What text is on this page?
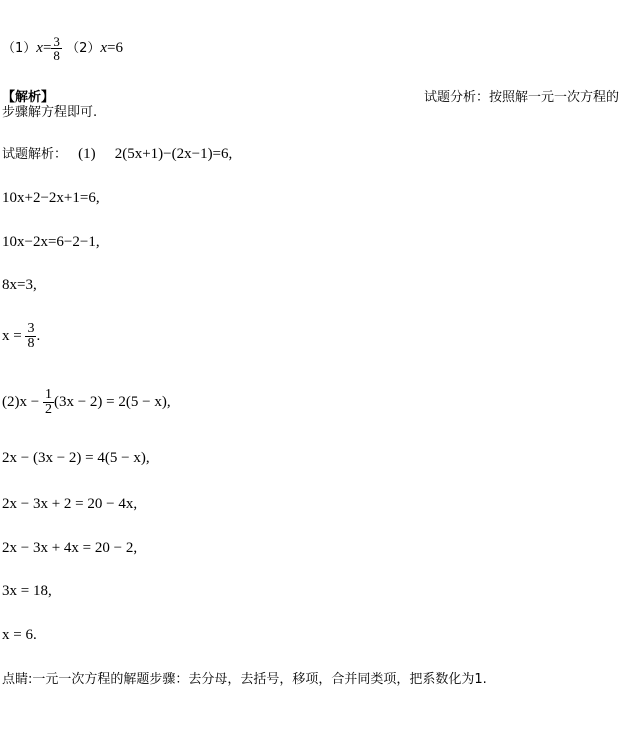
$(1)x= \frac{3}{8} (2)x=6$
【解析】	试题分析：按照解一元一次方程的
步骤解方程即可.
试题解析： (1) 2(5x+1)−(2x−1)=6,
10x+2−2x+1=6,
10x−2x=6−2−1,
8x=3,
$x = \frac{3}{8}$ .
$(2)x - \frac{1}{2} (3x - 2) = 2(5 - x)$,
2x − (3x − 2) = 4(5 − x),
2x − 3x + 2 = 20 − 4x,
2x − 3x + 4x = 20 − 2,
3x = 18,
x = 6.
点睛:一元一次方程的解题步骤：去分母，去括号，移项，合并同类项，把系数化为1.
